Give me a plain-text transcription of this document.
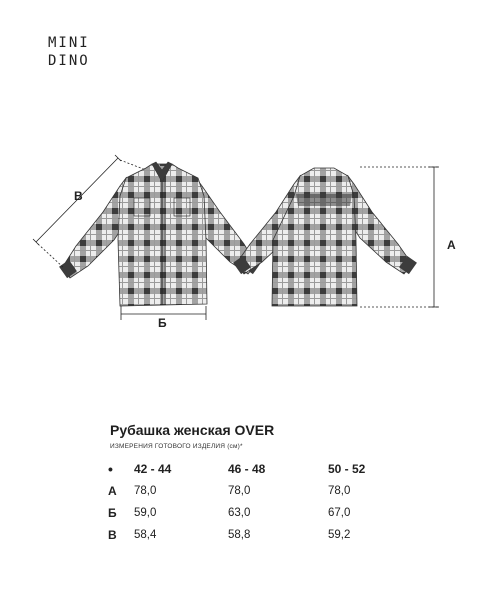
MINI
DINO
В
Б
А
Рубашка женская OVER
ИЗМЕРЕНИЯ ГОТОВОГО ИЗДЕЛИЯ (см)*
•	42 - 44	46 - 48	50 - 52
А	78,0	78,0	78,0
Б	59,0	63,0	67,0
В	58,4	58,8	59,2
